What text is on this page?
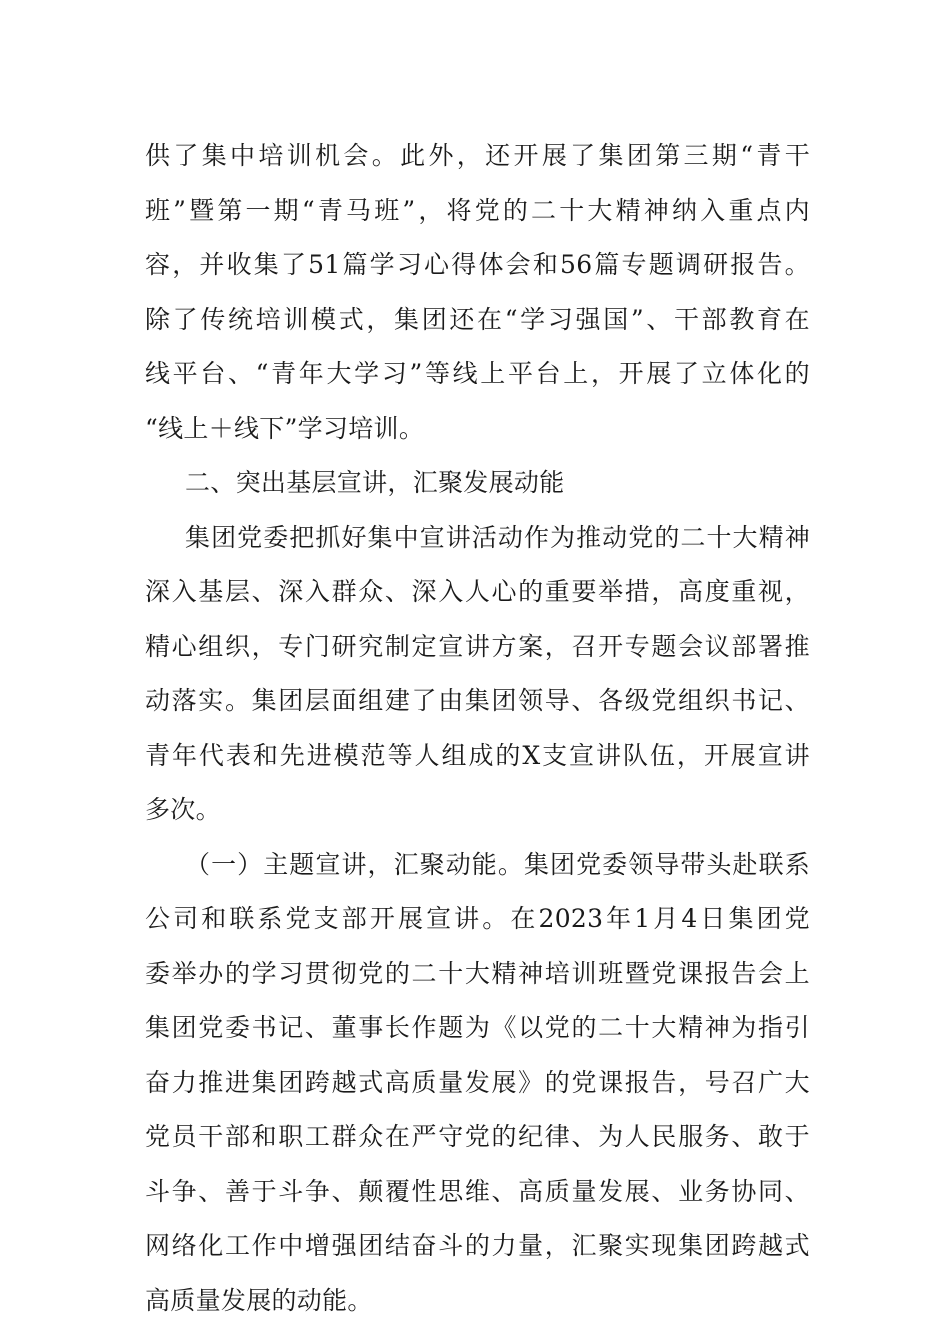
供了集中培训机会。此外，还开展了集团第三期“青干
班”暨第一期“青马班”，将党的二十大精神纳入重点内
容，并收集了51篇学习心得体会和56篇专题调研报告。
除了传统培训模式，集团还在“学习强国”、干部教育在
线平台、“青年大学习”等线上平台上，开展了立体化的
“线上＋线下”学习培训。
二、突出基层宣讲，汇聚发展动能
集团党委把抓好集中宣讲活动作为推动党的二十大精神
深入基层、深入群众、深入人心的重要举措，高度重视，
精心组织，专门研究制定宣讲方案，召开专题会议部署推
动落实。集团层面组建了由集团领导、各级党组织书记、
青年代表和先进模范等人组成的X支宣讲队伍，开展宣讲
多次。
（一）主题宣讲，汇聚动能。集团党委领导带头赴联系
公司和联系党支部开展宣讲。在2023年1月4日集团党
委举办的学习贯彻党的二十大精神培训班暨党课报告会上
集团党委书记、董事长作题为《以党的二十大精神为指引
奋力推进集团跨越式高质量发展》的党课报告，号召广大
党员干部和职工群众在严守党的纪律、为人民服务、敢于
斗争、善于斗争、颠覆性思维、高质量发展、业务协同、
网络化工作中增强团结奋斗的力量，汇聚实现集团跨越式
高质量发展的动能。
